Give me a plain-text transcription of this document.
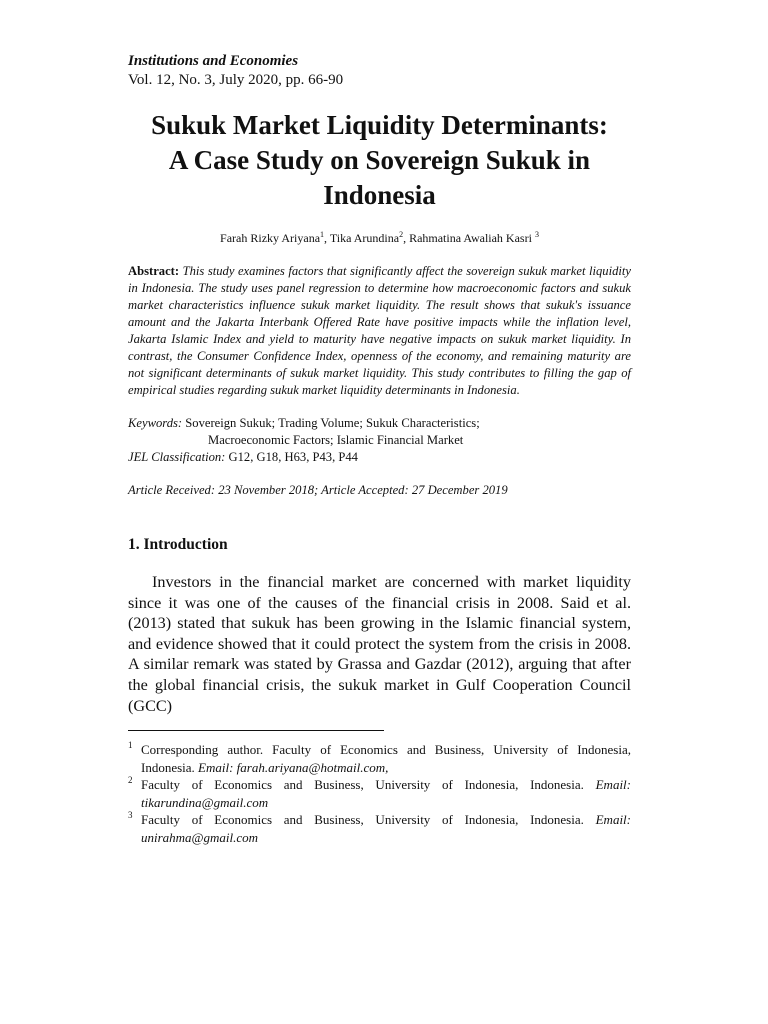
Institutions and Economies
Vol. 12, No. 3, July 2020, pp. 66-90
Sukuk Market Liquidity Determinants: A Case Study on Sovereign Sukuk in Indonesia
Farah Rizky Ariyana$^1$, Tika Arundina$^2$, Rahmatina Awaliah Kasri $^3$
Abstract: This study examines factors that significantly affect the sovereign sukuk market liquidity in Indonesia. The study uses panel regression to determine how macroeconomic factors and sukuk market characteristics influence sukuk market liquidity. The result shows that sukuk's issuance amount and the Jakarta Interbank Offered Rate have positive impacts while the inflation level, Jakarta Islamic Index and yield to maturity have negative impacts on sukuk market liquidity. In contrast, the Consumer Confidence Index, openness of the economy, and remaining maturity are not significant determinants of sukuk market liquidity. This study contributes to filling the gap of empirical studies regarding sukuk market liquidity determinants in Indonesia.
Keywords: Sovereign Sukuk; Trading Volume; Sukuk Characteristics;
Macroeconomic Factors; Islamic Financial Market
JEL Classification: G12, G18, H63, P43, P44
Article Received: 23 November 2018; Article Accepted: 27 December 2019
1. Introduction
Investors in the financial market are concerned with market liquidity since it was one of the causes of the financial crisis in 2008. Said et al. (2013) stated that sukuk has been growing in the Islamic financial system, and evidence showed that it could protect the system from the crisis in 2008. A similar remark was stated by Grassa and Gazdar (2012), arguing that after the global financial crisis, the sukuk market in Gulf Cooperation Council (GCC)
1 Corresponding author. Faculty of Economics and Business, University of Indonesia, Indonesia. Email: farah.ariyana@hotmail.com,
2 Faculty of Economics and Business, University of Indonesia, Indonesia. Email: tikarundina@gmail.com
3 Faculty of Economics and Business, University of Indonesia, Indonesia. Email: unirahma@gmail.com
